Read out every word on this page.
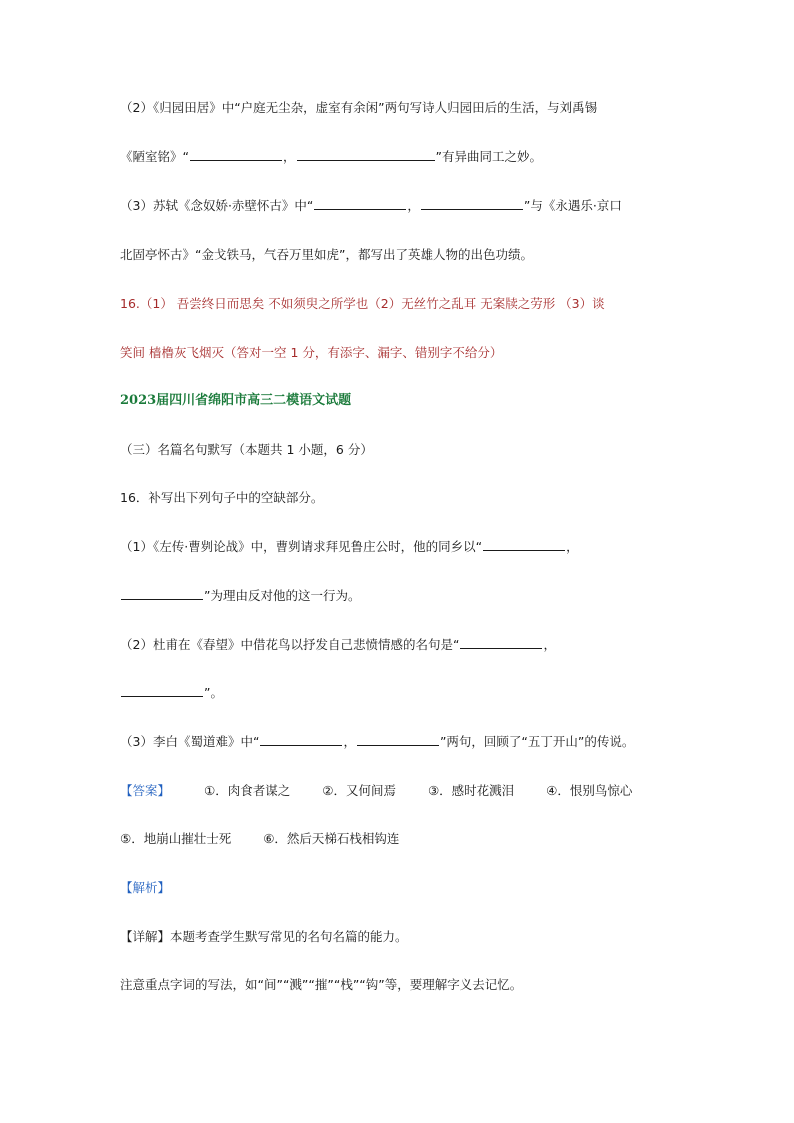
（2）《归园田居》中“户庭无尘杂，虚室有余闲”两句写诗人归园田后的生活，与刘禹锡
《陋室铭》“	，	”有异曲同工之妙。
（3）苏轼《念奴娇·赤壁怀古》中“	，	”与《永遇乐·京口
北固亭怀古》“金戈铁马，气吞万里如虎”，都写出了英雄人物的出色功绩。
16.（1） 吾尝终日而思矣 不如须臾之所学也（2）无丝竹之乱耳 无案牍之劳形 （3）谈
笑间 樯橹灰飞烟灭（答对一空 1 分，有添字、漏字、错别字不给分）
2023届四川省绵阳市高三二模语文试题
（三）名篇名句默写（本题共 1 小题，6 分）
16．补写出下列句子中的空缺部分。
（1）《左传·曹刿论战》中，曹刿请求拜见鲁庄公时，他的同乡以“	，
”为理由反对他的这一行为。
（2）杜甫在《春望》中借花鸟以抒发自己悲愤情感的名句是“	，
”。
（3）李白《蜀道难》中“	，	”两句，回顾了“五丁开山”的传说。
【答案】	①．肉食者谋之	②．又何间焉	③．感时花溅泪	④．恨别鸟惊心
⑤．地崩山摧壮士死	⑥．然后天梯石栈相钩连
【解析】
【详解】本题考查学生默写常见的名句名篇的能力。
注意重点字词的写法，如“间”“溅”“摧”“栈”“钩”等，要理解字义去记忆。
